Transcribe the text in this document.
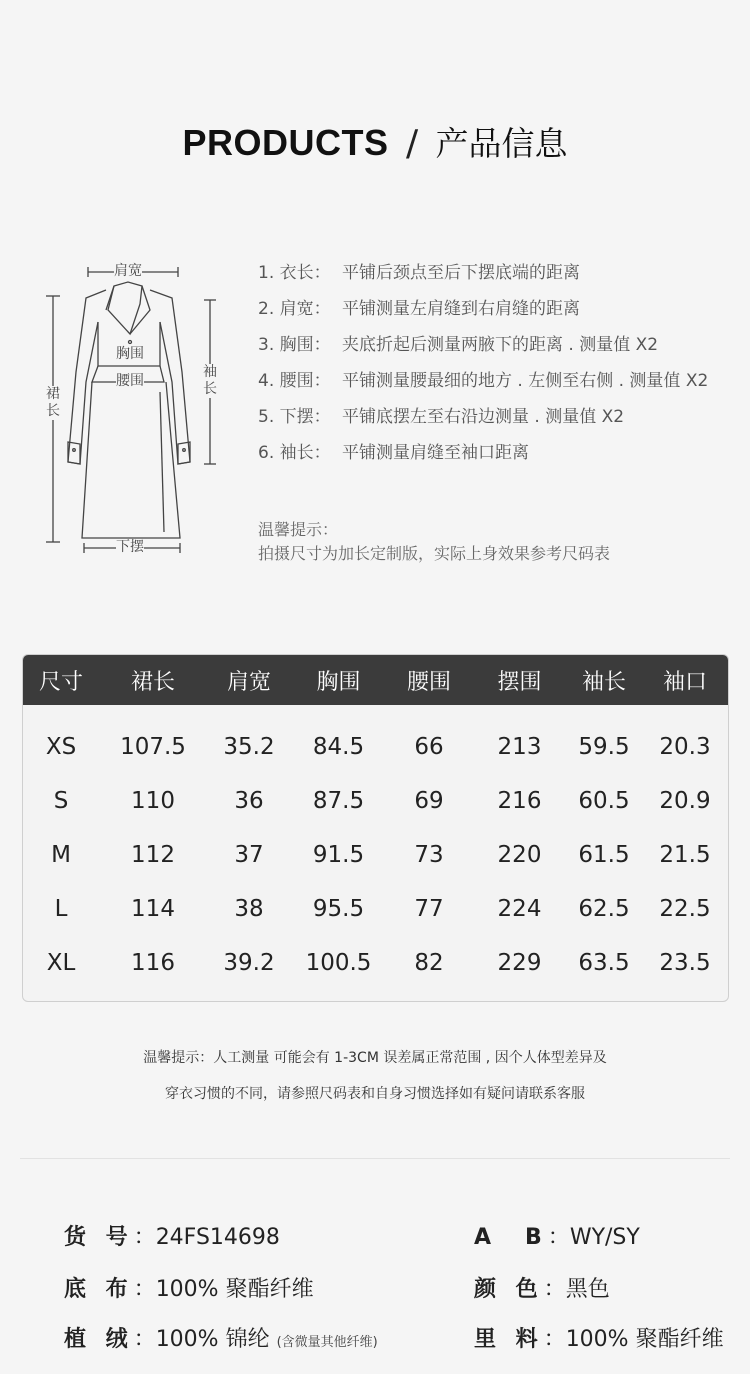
PRODUCTS / 产品信息
肩宽
胸围
腰围
裙长
袖长
下摆
1. 衣长： 平铺后颈点至后下摆底端的距离
2. 肩宽： 平铺测量左肩缝到右肩缝的距离
3. 胸围： 夹底折起后测量两腋下的距离 . 测量值 X2
4. 腰围： 平铺测量腰最细的地方 . 左侧至右侧 . 测量值 X2
5. 下摆： 平铺底摆左至右沿边测量 . 测量值 X2
6. 袖长： 平铺测量肩缝至袖口距离
温馨提示：
拍摄尺寸为加长定制版，实际上身效果参考尺码表
尺寸	裙长	肩宽	胸围	腰围	摆围	袖长	袖口
XS	107.5	35.2	84.5	66	213	59.5	20.3
S	110	36	87.5	69	216	60.5	20.9
M	112	37	91.5	73	220	61.5	21.5
L	114	38	95.5	77	224	62.5	22.5
XL	116	39.2	100.5	82	229	63.5	23.5
温馨提示：人工测量 可能会有 1-3CM 误差属正常范围 , 因个人体型差异及
穿衣习惯的不同，请参照尺码表和自身习惯选择如有疑问请联系客服
货 号：24FS14698	A　B：WY/SY
底 布：100% 聚酯纤维	颜 色：黑色
植 绒：100% 锦纶 (含微量其他纤维)	里 料：100% 聚酯纤维
